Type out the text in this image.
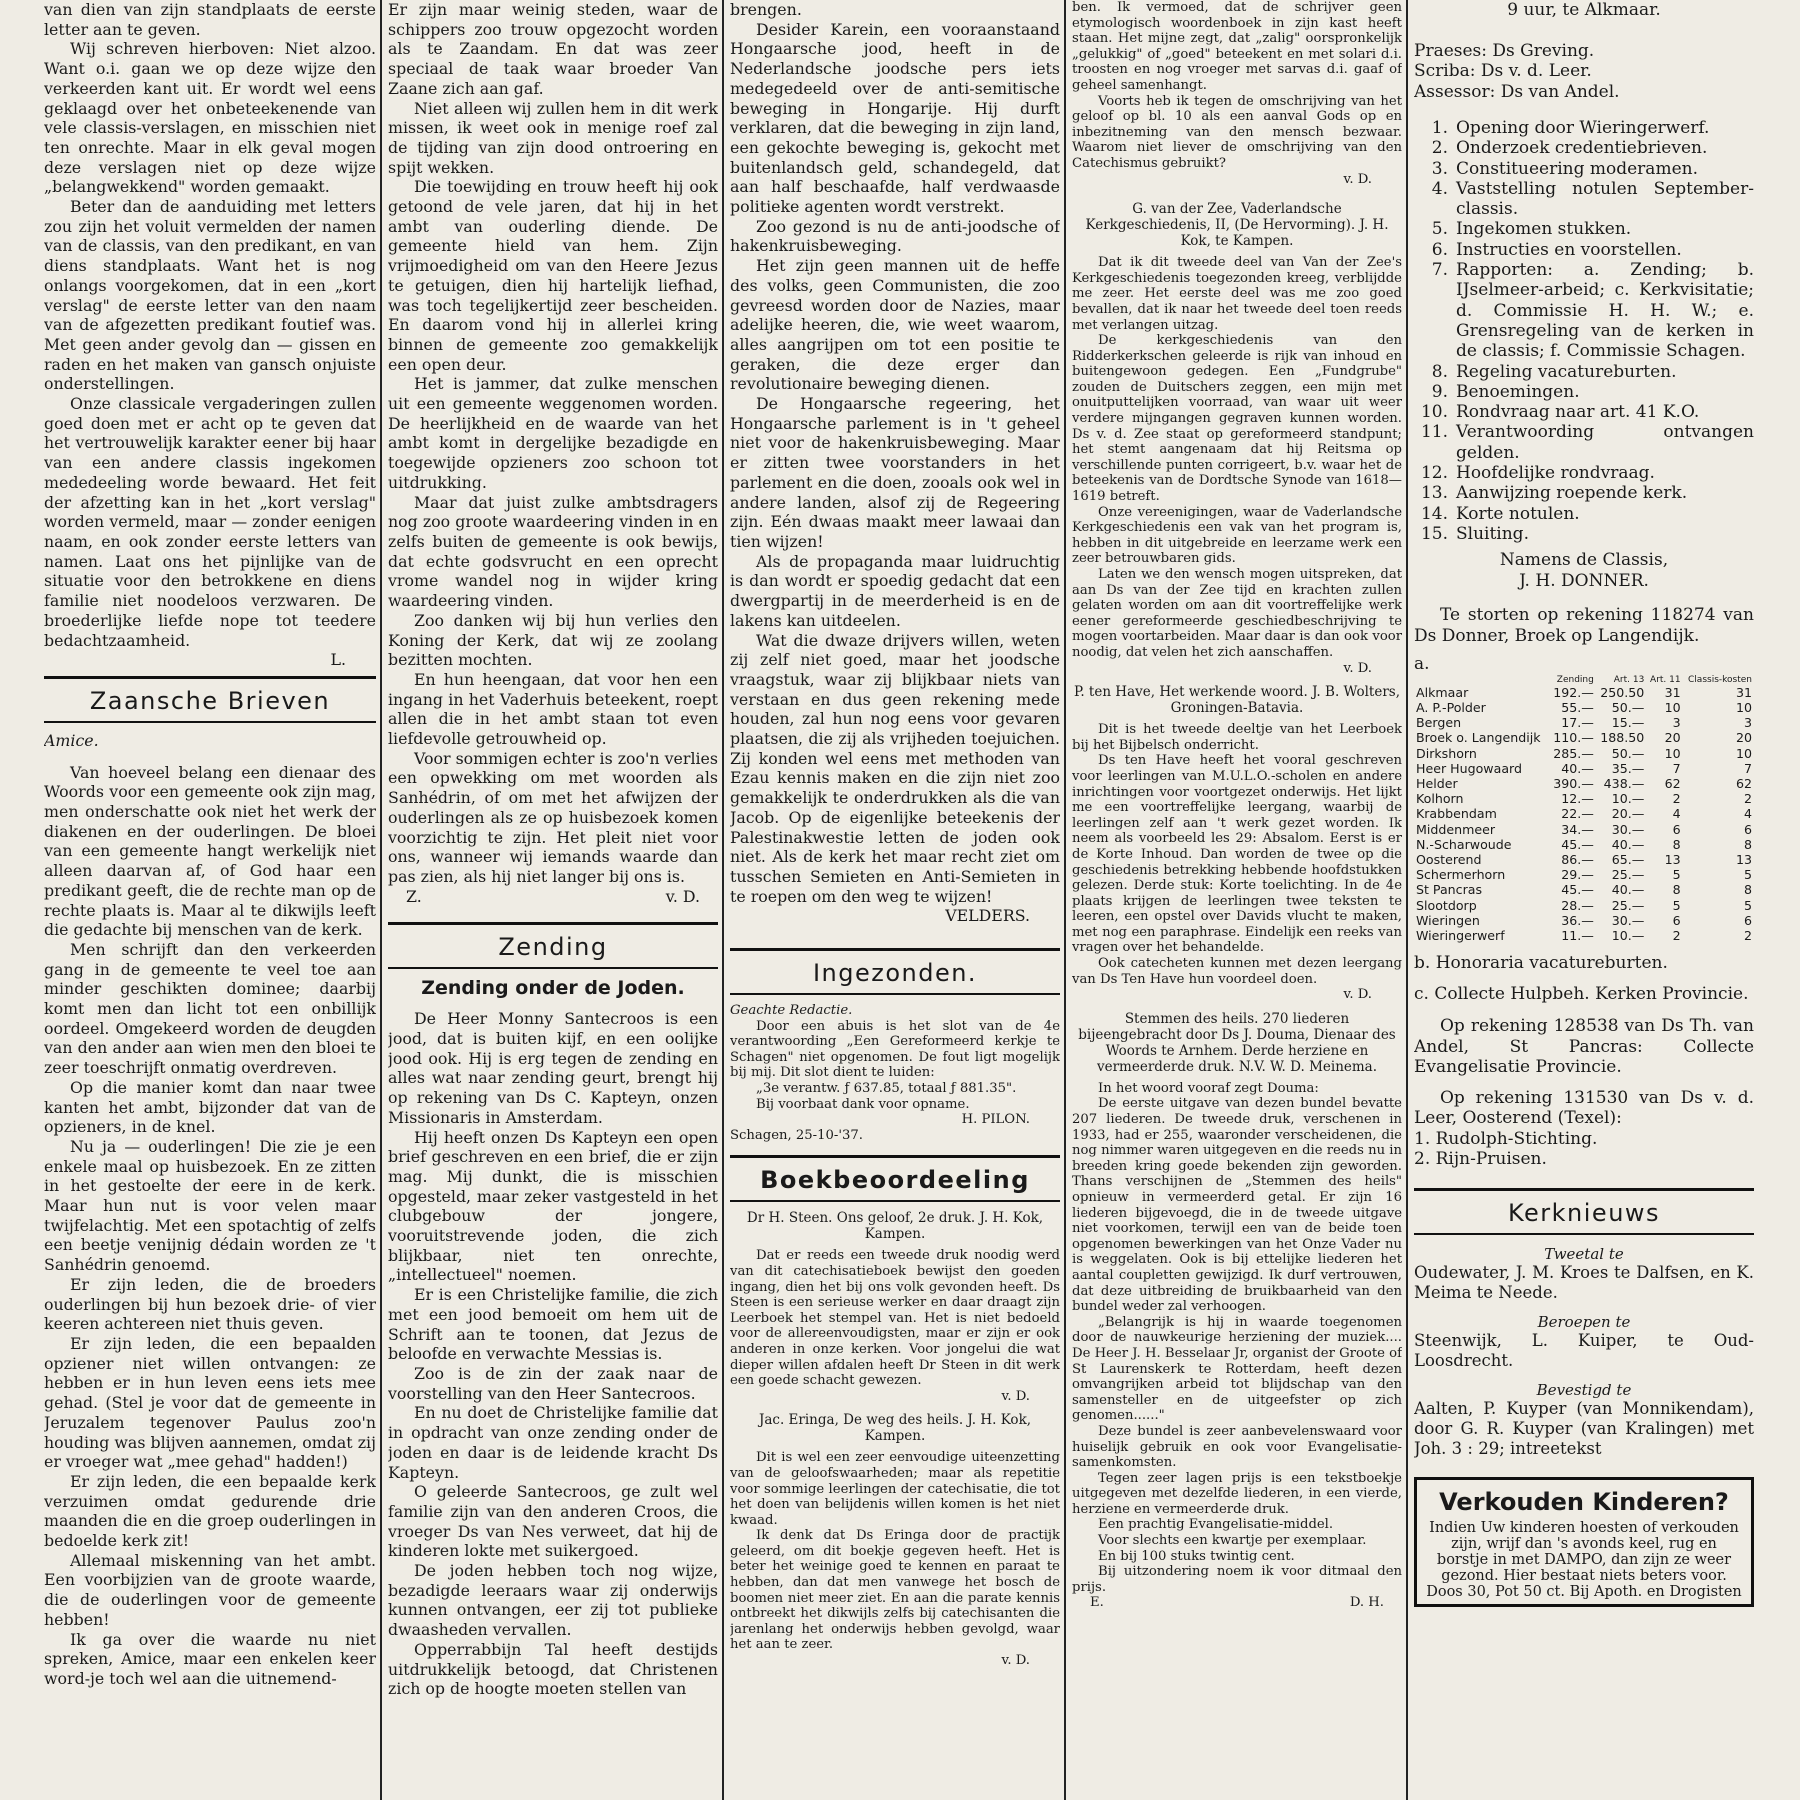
van dien van zijn standplaats de eerste letter aan te geven.

Wij schreven hierboven: Niet alzoo. Want o.i. gaan we op deze wijze den verkeerden kant uit. Er wordt wel eens geklaagd over het onbeteekenende van vele classis-verslagen, en misschien niet ten onrechte. Maar in elk geval mogen deze verslagen niet op deze wijze „belangwekkend" worden gemaakt.

Beter dan de aanduiding met letters zou zijn het voluit vermelden der namen van de classis, van den predikant, en van diens standplaats. Want het is nog onlangs voorgekomen, dat in een „kort verslag" de eerste letter van den naam van de afgezetten predikant foutief was. Met geen ander gevolg dan — gissen en raden en het maken van gansch onjuiste onderstellingen.

Onze classicale vergaderingen zullen goed doen met er acht op te geven dat het vertrouwelijk karakter eener bij haar van een andere classis ingekomen mededeeling worde bewaard. Het feit der afzetting kan in het „kort verslag" worden vermeld, maar — zonder eenigen naam, en ook zonder eerste letters van namen. Laat ons het pijnlijke van de situatie voor den betrokkene en diens familie niet noodeloos verzwaren. De broederlijke liefde nope tot teedere bedachtzaamheid.

L.

Zaansche Brieven

Amice.

Van hoeveel belang een dienaar des Woords voor een gemeente ook zijn mag, men onderschatte ook niet het werk der diakenen en der ouderlingen. De bloei van een gemeente hangt werkelijk niet alleen daarvan af, of God haar een predikant geeft, die de rechte man op de rechte plaats is. Maar al te dikwijls leeft die gedachte bij menschen van de kerk.

Men schrijft dan den verkeerden gang in de gemeente te veel toe aan minder geschikten dominee; daarbij komt men dan licht tot een onbillijk oordeel. Omgekeerd worden de deugden van den ander aan wien men den bloei te zeer toeschrijft onmatig overdreven.

Op die manier komt dan naar twee kanten het ambt, bijzonder dat van de opzieners, in de knel.

Nu ja — ouderlingen! Die zie je een enkele maal op huisbezoek. En ze zitten in het gestoelte der eere in de kerk. Maar hun nut is voor velen maar twijfelachtig. Met een spotachtig of zelfs een beetje venijnig dédain worden ze 't Sanhédrin genoemd.

Er zijn leden, die de broeders ouderlingen bij hun bezoek drie- of vier keeren achtereen niet thuis geven.

Er zijn leden, die een bepaalden opziener niet willen ontvangen: ze hebben er in hun leven eens iets mee gehad. (Stel je voor dat de gemeente in Jeruzalem tegenover Paulus zoo'n houding was blijven aannemen, omdat zij er vroeger wat „mee gehad" hadden!)

Er zijn leden, die een bepaalde kerk verzuimen omdat gedurende drie maanden die en die groep ouderlingen in bedoelde kerk zit!

Allemaal miskenning van het ambt. Een voorbijzien van de groote waarde, die de ouderlingen voor de gemeente hebben!

Ik ga over die waarde nu niet spreken, Amice, maar een enkelen keer word-je toch wel aan die uitnemend-

Er zijn maar weinig steden, waar de schippers zoo trouw opgezocht worden als te Zaandam. En dat was zeer speciaal de taak waar broeder Van Zaane zich aan gaf.

Niet alleen wij zullen hem in dit werk missen, ik weet ook in menige roef zal de tijding van zijn dood ontroering en spijt wekken.

Die toewijding en trouw heeft hij ook getoond de vele jaren, dat hij in het ambt van ouderling diende. De gemeente hield van hem. Zijn vrijmoedigheid om van den Heere Jezus te getuigen, dien hij hartelijk liefhad, was toch tegelijkertijd zeer bescheiden. En daarom vond hij in allerlei kring binnen de gemeente zoo gemakkelijk een open deur.

Het is jammer, dat zulke menschen uit een gemeente weggenomen worden. De heerlijkheid en de waarde van het ambt komt in dergelijke bezadigde en toegewijde opzieners zoo schoon tot uitdrukking.

Maar dat juist zulke ambtsdragers nog zoo groote waardeering vinden in en zelfs buiten de gemeente is ook bewijs, dat echte godsvrucht en een oprecht vrome wandel nog in wijder kring waardeering vinden.

Zoo danken wij bij hun verlies den Koning der Kerk, dat wij ze zoolang bezitten mochten.

En hun heengaan, dat voor hen een ingang in het Vaderhuis beteekent, roept allen die in het ambt staan tot even liefdevolle getrouwheid op.

Voor sommigen echter is zoo'n verlies een opwekking om met woorden als Sanhédrin, of om met het afwijzen der ouderlingen als ze op huisbezoek komen voorzichtig te zijn. Het pleit niet voor ons, wanneer wij iemands waarde dan pas zien, als hij niet langer bij ons is.

Z.	v. D.

Zending
Zending onder de Joden.

De Heer Monny Santecroos is een jood, dat is buiten kijf, en een oolijke jood ook. Hij is erg tegen de zending en alles wat naar zending geurt, brengt hij op rekening van Ds C. Kapteyn, onzen Missionaris in Amsterdam.

Hij heeft onzen Ds Kapteyn een open brief geschreven en een brief, die er zijn mag. Mij dunkt, die is misschien opgesteld, maar zeker vastgesteld in het clubgebouw der jongere, vooruitstrevende joden, die zich blijkbaar, niet ten onrechte, „intellectueel" noemen.

Er is een Christelijke familie, die zich met een jood bemoeit om hem uit de Schrift aan te toonen, dat Jezus de beloofde en verwachte Messias is.

Zoo is de zin der zaak naar de voorstelling van den Heer Santecroos.

En nu doet de Christelijke familie dat in opdracht van onze zending onder de joden en daar is de leidende kracht Ds Kapteyn.

O geleerde Santecroos, ge zult wel familie zijn van den anderen Croos, die vroeger Ds van Nes verweet, dat hij de kinderen lokte met suikergoed.

De joden hebben toch nog wijze, bezadigde leeraars waar zij onderwijs kunnen ontvangen, eer zij tot publieke dwaasheden vervallen.

Opperrabbijn Tal heeft destijds uitdrukkelijk betoogd, dat Christenen zich op de hoogte moeten stellen van

brengen.

Desider Karein, een vooraanstaand Hongaarsche jood, heeft in de Nederlandsche joodsche pers iets medegedeeld over de anti-semitische beweging in Hongarije. Hij durft verklaren, dat die beweging in zijn land, een gekochte beweging is, gekocht met buitenlandsch geld, schandegeld, dat aan half beschaafde, half verdwaasde politieke agenten wordt verstrekt.

Zoo gezond is nu de anti-joodsche of hakenkruisbeweging.

Het zijn geen mannen uit de heffe des volks, geen Communisten, die zoo gevreesd worden door de Nazies, maar adelijke heeren, die, wie weet waarom, alles aangrijpen om tot een positie te geraken, die deze erger dan revolutionaire beweging dienen.

De Hongaarsche regeering, het Hongaarsche parlement is in 't geheel niet voor de hakenkruisbeweging. Maar er zitten twee voorstanders in het parlement en die doen, zooals ook wel in andere landen, alsof zij de Regeering zijn. Eén dwaas maakt meer lawaai dan tien wijzen!

Als de propaganda maar luidruchtig is dan wordt er spoedig gedacht dat een dwergpartij in de meerderheid is en de lakens kan uitdeelen.

Wat die dwaze drijvers willen, weten zij zelf niet goed, maar het joodsche vraagstuk, waar zij blijkbaar niets van verstaan en dus geen rekening mede houden, zal hun nog eens voor gevaren plaatsen, die zij als vrijheden toejuichen. Zij konden wel eens met methoden van Ezau kennis maken en die zijn niet zoo gemakkelijk te onderdrukken als die van Jacob. Op de eigenlijke beteekenis der Palestinakwestie letten de joden ook niet. Als de kerk het maar recht ziet om tusschen Semieten en Anti-Semieten in te roepen om den weg te wijzen!

VELDERS.

Ingezonden.

Geachte Redactie.

Door een abuis is het slot van de 4e verantwoording „Een Gereformeerd kerkje te Schagen" niet opgenomen. De fout ligt mogelijk bij mij. Dit slot dient te luiden:

„3e verantw. ƒ 637.85, totaal ƒ 881.35".

Bij voorbaat dank voor opname.

H. PILON.

Schagen, 25-10-'37.

Boekbeoordeeling
Dr H. Steen. Ons geloof, 2e druk. J. H. Kok, Kampen.

Dat er reeds een tweede druk noodig werd van dit catechisatieboek bewijst den goeden ingang, dien het bij ons volk gevonden heeft. Ds Steen is een serieuse werker en daar draagt zijn Leerboek het stempel van. Het is niet bedoeld voor de allereenvoudigsten, maar er zijn er ook anderen in onze kerken. Voor jongelui die wat dieper willen afdalen heeft Dr Steen in dit werk een goede schacht gewezen.

v. D.

Jac. Eringa, De weg des heils. J. H. Kok, Kampen.

Dit is wel een zeer eenvoudige uiteenzetting van de geloofswaarheden; maar als repetitie voor sommige leerlingen der catechisatie, die tot het doen van belijdenis willen komen is het niet kwaad.

Ik denk dat Ds Eringa door de practijk geleerd, om dit boekje gegeven heeft. Het is beter het weinige goed te kennen en paraat te hebben, dan dat men vanwege het bosch de boomen niet meer ziet. En aan die parate kennis ontbreekt het dikwijls zelfs bij catechisanten die jarenlang het onderwijs hebben gevolgd, waar het aan te zeer.

v. D.

ben. Ik vermoed, dat de schrijver geen etymologisch woordenboek in zijn kast heeft staan. Het mijne zegt, dat „zalig" oorspronkelijk „gelukkig" of „goed" beteekent en met solari d.i. troosten en nog vroeger met sarvas d.i. gaaf of geheel samenhangt.

Voorts heb ik tegen de omschrijving van het geloof op bl. 10 als een aanval Gods op en inbezitneming van den mensch bezwaar. Waarom niet liever de omschrijving van den Catechismus gebruikt?

v. D.

G. van der Zee, Vaderlandsche Kerkgeschiedenis, II, (De Hervorming). J. H. Kok, te Kampen.

Dat ik dit tweede deel van Van der Zee's Kerkgeschiedenis toegezonden kreeg, verblijdde me zeer. Het eerste deel was me zoo goed bevallen, dat ik naar het tweede deel toen reeds met verlangen uitzag.

De kerkgeschiedenis van den Ridderkerkschen geleerde is rijk van inhoud en buitengewoon gedegen. Een „Fundgrube" zouden de Duitschers zeggen, een mijn met onuitputtelijken voorraad, van waar uit weer verdere mijngangen gegraven kunnen worden. Ds v. d. Zee staat op gereformeerd standpunt; het stemt aangenaam dat hij Reitsma op verschillende punten corrigeert, b.v. waar het de beteekenis van de Dordtsche Synode van 1618—1619 betreft.

Onze vereenigingen, waar de Vaderlandsche Kerkgeschiedenis een vak van het program is, hebben in dit uitgebreide en leerzame werk een zeer betrouwbaren gids.

Laten we den wensch mogen uitspreken, dat aan Ds van der Zee tijd en krachten zullen gelaten worden om aan dit voortreffelijke werk eener gereformeerde geschiedbeschrijving te mogen voortarbeiden. Maar daar is dan ook voor noodig, dat velen het zich aanschaffen.

v. D.

P. ten Have, Het werkende woord. J. B. Wolters, Groningen-Batavia.

Dit is het tweede deeltje van het Leerboek bij het Bijbelsch onderricht.

Ds ten Have heeft het vooral geschreven voor leerlingen van M.U.L.O.-scholen en andere inrichtingen voor voortgezet onderwijs. Het lijkt me een voortreffelijke leergang, waarbij de leerlingen zelf aan 't werk gezet worden. Ik neem als voorbeeld les 29: Absalom. Eerst is er de Korte Inhoud. Dan worden de twee op die geschiedenis betrekking hebbende hoofdstukken gelezen. Derde stuk: Korte toelichting. In de 4e plaats krijgen de leerlingen twee teksten te leeren, een opstel over Davids vlucht te maken, met nog een paraphrase. Eindelijk een reeks van vragen over het behandelde.

Ook catecheten kunnen met dezen leergang van Ds Ten Have hun voordeel doen.

v. D.

Stemmen des heils. 270 liederen bijeengebracht door Ds J. Douma, Dienaar des Woords te Arnhem. Derde herziene en vermeerderde druk. N.V. W. D. Meinema.

In het woord vooraf zegt Douma:

De eerste uitgave van dezen bundel bevatte 207 liederen. De tweede druk, verschenen in 1933, had er 255, waaronder verscheidenen, die nog nimmer waren uitgegeven en die reeds nu in breeden kring goede bekenden zijn geworden. Thans verschijnen de „Stemmen des heils" opnieuw in vermeerderd getal. Er zijn 16 liederen bijgevoegd, die in de tweede uitgave niet voorkomen, terwijl een van de beide toen opgenomen bewerkingen van het Onze Vader nu is weggelaten. Ook is bij ettelijke liederen het aantal coupletten gewijzigd. Ik durf vertrouwen, dat deze uitbreiding de bruikbaarheid van den bundel weder zal verhoogen.

„Belangrijk is hij in waarde toegenomen door de nauwkeurige herziening der muziek.... De Heer J. H. Besselaar Jr, organist der Groote of St Laurenskerk te Rotterdam, heeft dezen omvangrijken arbeid tot blijdschap van den samensteller en de uitgeefster op zich genomen......"

Deze bundel is zeer aanbevelenswaard voor huiselijk gebruik en ook voor Evangelisatie-samenkomsten.

Tegen zeer lagen prijs is een tekstboekje uitgegeven met dezelfde liederen, in een vierde, herziene en vermeerderde druk.

Een prachtig Evangelisatie-middel.

Voor slechts een kwartje per exemplaar.

En bij 100 stuks twintig cent.

Bij uitzondering noem ik voor ditmaal den prijs.

E.	D. H.

9 uur, te Alkmaar.
Praeses: Ds Greving.
Scriba: Ds v. d. Leer.
Assessor: Ds van Andel.
1. Opening door Wieringerwerf.
2. Onderzoek credentiebrieven.
3. Constitueering moderamen.
4. Vaststelling notulen September-classis.
5. Ingekomen stukken.
6. Instructies en voorstellen.
7. Rapporten: a. Zending; b. IJselmeer-arbeid; c. Kerkvisitatie; d. Commissie H. H. W.; e. Grensregeling van de kerken in de classis; f. Commissie Schagen.
8. Regeling vacatureburten.
9. Benoemingen.
10. Rondvraag naar art. 41 K.O.
11. Verantwoording ontvangen gelden.
12. Hoofdelijke rondvraag.
13. Aanwijzing roepende kerk.
14. Korte notulen.
15. Sluiting.
Namens de Classis,
J. H. DONNER.
Te storten op rekening 118274 van Ds Donner, Broek op Langendijk.
a.
	Zending	Art. 13	Art. 11	Classis-kosten
Alkmaar	192.—	250.50	31	31
A. P.-Polder	55.—	50.—	10	10
Bergen	17.—	15.—	3	3
Broek o. Langendijk	110.—	188.50	20	20
Dirkshorn	285.—	50.—	10	10
Heer Hugowaard	40.—	35.—	7	7
Helder	390.—	438.—	62	62
Kolhorn	12.—	10.—	2	2
Krabbendam	22.—	20.—	4	4
Middenmeer	34.—	30.—	6	6
N.-Scharwoude	45.—	40.—	8	8
Oosterend	86.—	65.—	13	13
Schermerhorn	29.—	25.—	5	5
St Pancras	45.—	40.—	8	8
Slootdorp	28.—	25.—	5	5
Wieringen	36.—	30.—	6	6
Wieringerwerf	11.—	10.—	2	2
b. Honoraria vacatureburten.
c. Collecte Hulpbeh. Kerken Provincie.
Op rekening 128538 van Ds Th. van Andel, St Pancras: Collecte Evangelisatie Provincie.
Op rekening 131530 van Ds v. d. Leer, Oosterend (Texel):
1. Rudolph-Stichting.
2. Rijn-Pruisen.
Kerknieuws
Tweetal te

Oudewater, J. M. Kroes te Dalfsen, en K. Meima te Neede.

Beroepen te

Steenwijk, L. Kuiper, te Oud-Loosdrecht.

Bevestigd te

Aalten, P. Kuyper (van Monnikendam), door G. R. Kuyper (van Kralingen) met Joh. 3 : 29; intreetekst

Verkouden Kinderen?

Indien Uw kinderen hoesten of verkouden zijn, wrijf dan 's avonds keel, rug en borstje in met DAMPO, dan zijn ze weer gezond. Hier bestaat niets beters voor.

Doos 30, Pot 50 ct. Bij Apoth. en Drogisten
